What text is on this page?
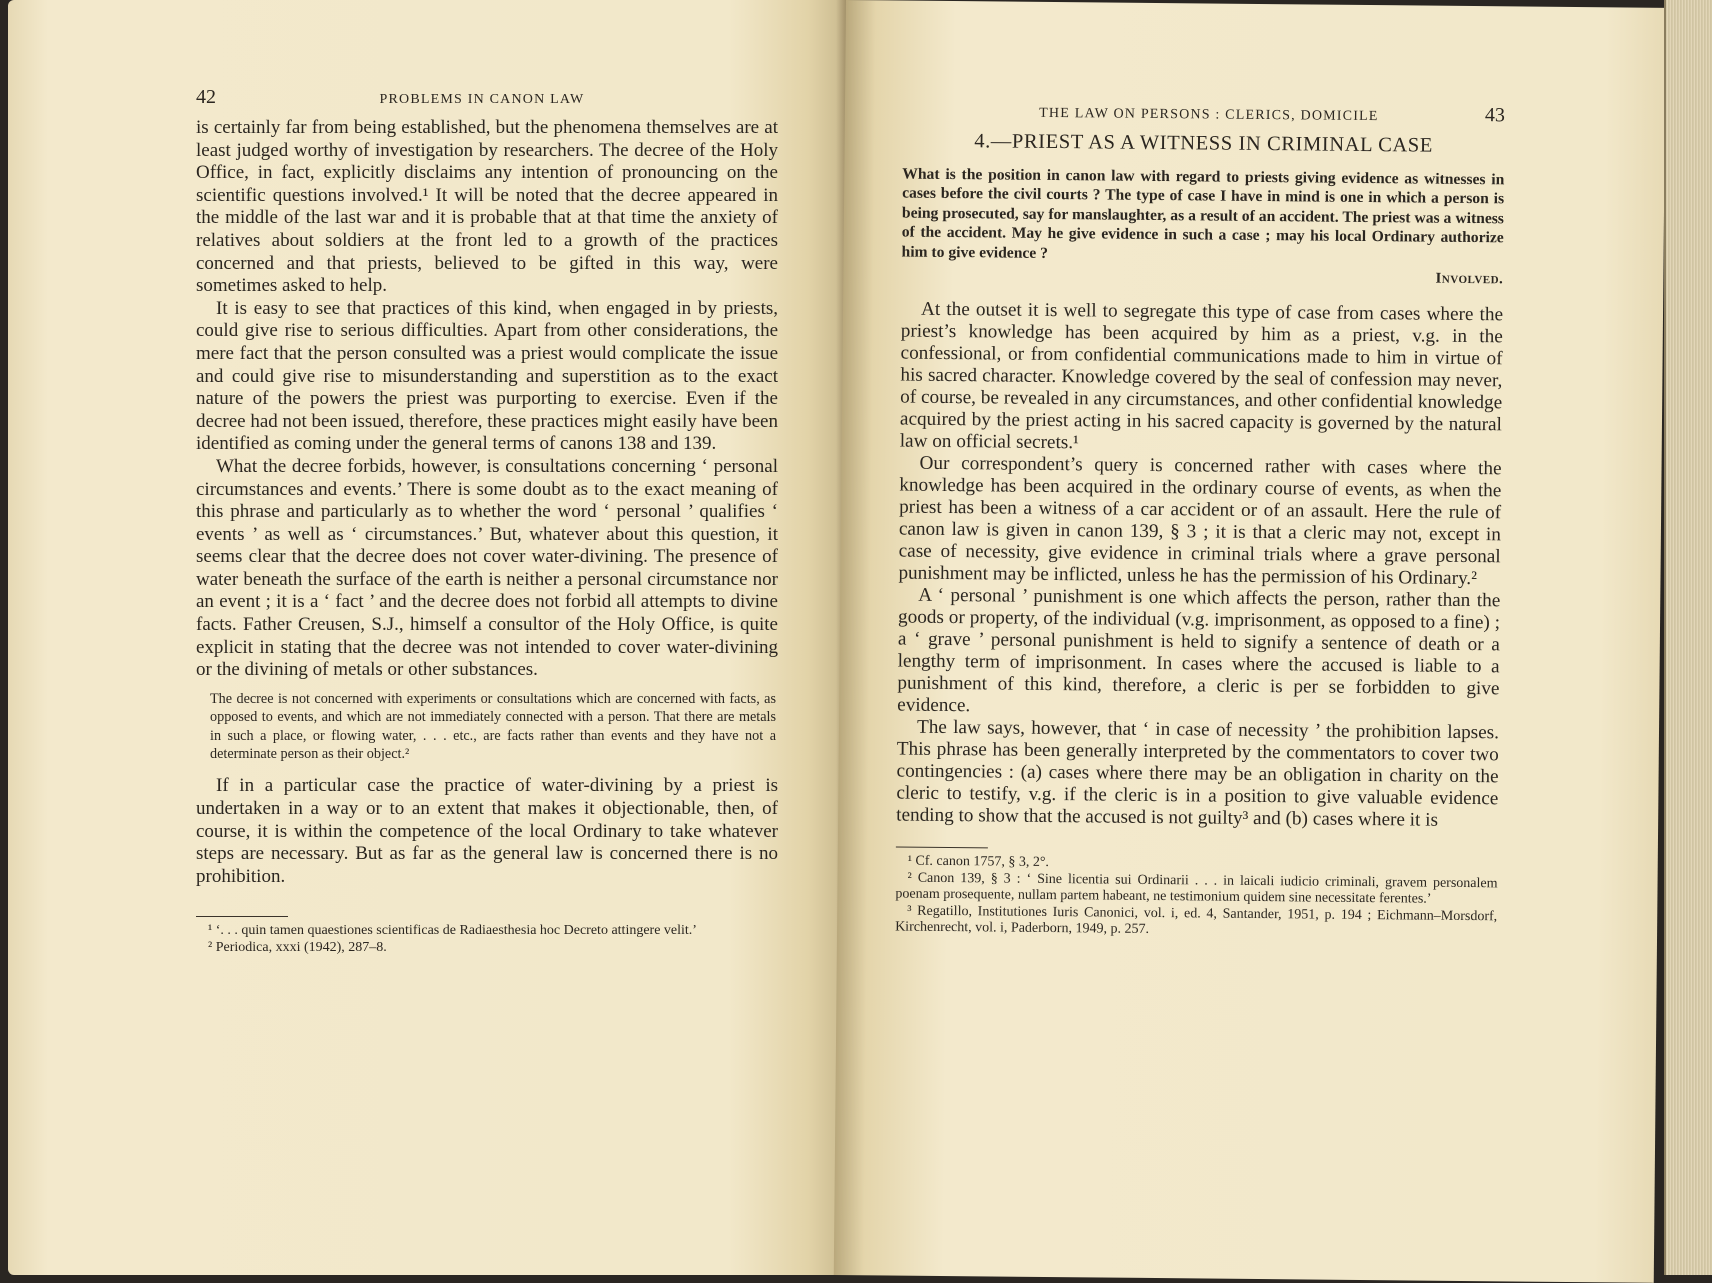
42	PROBLEMS IN CANON LAW

is certainly far from being established, but the phenomena themselves are at least judged worthy of investigation by researchers. The decree of the Holy Office, in fact, explicitly disclaims any intention of pronouncing on the scientific questions involved.¹ It will be noted that the decree appeared in the middle of the last war and it is probable that at that time the anxiety of relatives about soldiers at the front led to a growth of the practices concerned and that priests, believed to be gifted in this way, were sometimes asked to help.

It is easy to see that practices of this kind, when engaged in by priests, could give rise to serious difficulties. Apart from other considerations, the mere fact that the person consulted was a priest would complicate the issue and could give rise to misunderstanding and superstition as to the exact nature of the powers the priest was purporting to exercise. Even if the decree had not been issued, therefore, these practices might easily have been identified as coming under the general terms of canons 138 and 139.

What the decree forbids, however, is consultations concerning ‘ personal circumstances and events.’ There is some doubt as to the exact meaning of this phrase and particularly as to whether the word ‘ personal ’ qualifies ‘ events ’ as well as ‘ circumstances.’ But, whatever about this question, it seems clear that the decree does not cover water-divining. The presence of water beneath the surface of the earth is neither a personal circumstance nor an event ; it is a ‘ fact ’ and the decree does not forbid all attempts to divine facts. Father Creusen, S.J., himself a consultor of the Holy Office, is quite explicit in stating that the decree was not intended to cover water-divining or the divining of metals or other substances.

The decree is not concerned with experiments or consultations which are concerned with facts, as opposed to events, and which are not immediately connected with a person. That there are metals in such a place, or flowing water, . . . etc., are facts rather than events and they have not a determinate person as their object.²

If in a particular case the practice of water-divining by a priest is undertaken in a way or to an extent that makes it objectionable, then, of course, it is within the competence of the local Ordinary to take whatever steps are necessary. But as far as the general law is concerned there is no prohibition.

¹ ‘. . . quin tamen quaestiones scientificas de Radiaesthesia hoc Decreto attingere velit.’

² Periodica, xxxi (1942), 287–8.

THE LAW ON PERSONS : CLERICS, DOMICILE	43
4.—PRIEST AS A WITNESS IN CRIMINAL CASE

What is the position in canon law with regard to priests giving evidence as witnesses in cases before the civil courts ? The type of case I have in mind is one in which a person is being prosecuted, say for manslaughter, as a result of an accident. The priest was a witness of the accident. May he give evidence in such a case ; may his local Ordinary authorize him to give evidence ?

Involved.

At the outset it is well to segregate this type of case from cases where the priest’s knowledge has been acquired by him as a priest, v.g. in the confessional, or from confidential communications made to him in virtue of his sacred character. Knowledge covered by the seal of confession may never, of course, be revealed in any circumstances, and other confidential knowledge acquired by the priest acting in his sacred capacity is governed by the natural law on official secrets.¹

Our correspondent’s query is concerned rather with cases where the knowledge has been acquired in the ordinary course of events, as when the priest has been a witness of a car accident or of an assault. Here the rule of canon law is given in canon 139, § 3 ; it is that a cleric may not, except in case of necessity, give evidence in criminal trials where a grave personal punishment may be inflicted, unless he has the permission of his Ordinary.²

A ‘ personal ’ punishment is one which affects the person, rather than the goods or property, of the individual (v.g. imprisonment, as opposed to a fine) ; a ‘ grave ’ personal punishment is held to signify a sentence of death or a lengthy term of imprisonment. In cases where the accused is liable to a punishment of this kind, therefore, a cleric is per se forbidden to give evidence.

The law says, however, that ‘ in case of necessity ’ the prohibition lapses. This phrase has been generally interpreted by the commentators to cover two contingencies : (a) cases where there may be an obligation in charity on the cleric to testify, v.g. if the cleric is in a position to give valuable evidence tending to show that the accused is not guilty³ and (b) cases where it is

¹ Cf. canon 1757, § 3, 2°.

² Canon 139, § 3 : ‘ Sine licentia sui Ordinarii . . . in laicali iudicio criminali, gravem personalem poenam prosequente, nullam partem habeant, ne testimonium quidem sine necessitate ferentes.’

³ Regatillo, Institutiones Iuris Canonici, vol. i, ed. 4, Santander, 1951, p. 194 ; Eichmann–Morsdorf, Kirchenrecht, vol. i, Paderborn, 1949, p. 257.
